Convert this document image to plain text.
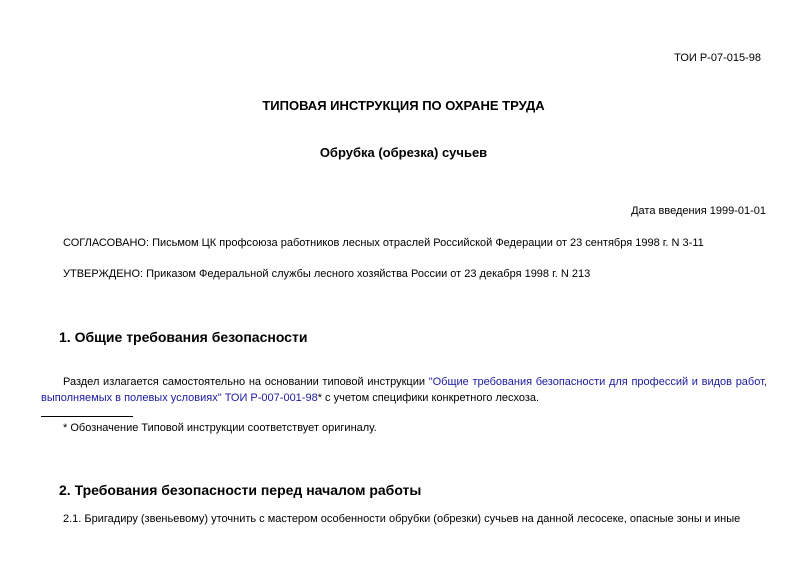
ТОИ Р-07-015-98
ТИПОВАЯ ИНСТРУКЦИЯ ПО ОХРАНЕ ТРУДА
Обрубка (обрезка) сучьев
Дата введения 1999-01-01
СОГЛАСОВАНО: Письмом ЦК профсоюза работников лесных отраслей Российской Федерации от 23 сентября 1998 г. N 3-11
УТВЕРЖДЕНО: Приказом Федеральной службы лесного хозяйства России от 23 декабря 1998 г. N 213
1. Общие требования безопасности
Раздел излагается самостоятельно на основании типовой инструкции "Общие требования безопасности для профессий и видов работ, выполняемых в полевых условиях" ТОИ Р-007-001-98* с учетом специфики конкретного лесхоза.
* Обозначение Типовой инструкции соответствует оригиналу.
2. Требования безопасности перед началом работы
2.1. Бригадиру (звеньевому) уточнить с мастером особенности обрубки (обрезки) сучьев на данной лесосеке, опасные зоны и иные
